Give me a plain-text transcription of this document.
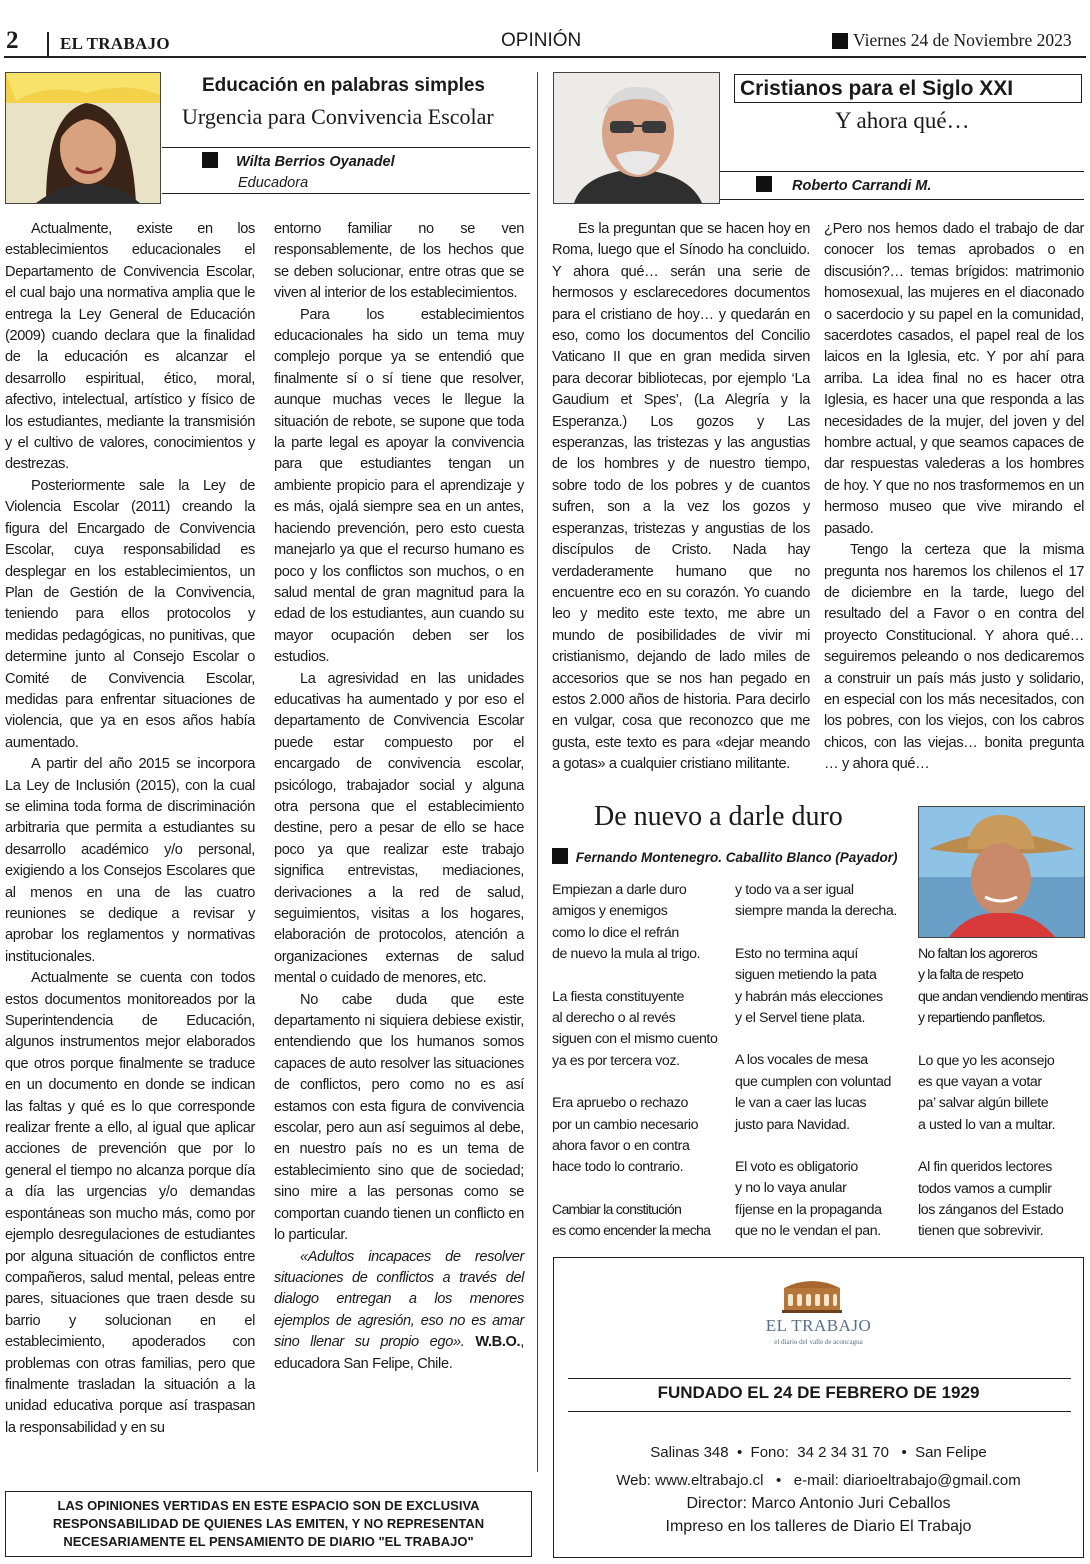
2 EL TRABAJO	OPINIÓN	Viernes 24 de Noviembre 2023
Educación en palabras simples
Urgencia para Convivencia Escolar
Wilta Berrios Oyanadel
Educadora

Actualmente, existe en los establecimientos educacionales el Departamento de Convivencia Escolar, el cual bajo una normativa amplia que le entrega la Ley General de Educación (2009) cuando declara que la finalidad de la educación es alcanzar el desarrollo espiritual, ético, moral, afectivo, intelectual, artístico y físico de los estudiantes, mediante la transmisión y el cultivo de valores, conocimientos y destrezas.

Posteriormente sale la Ley de Violencia Escolar (2011) creando la figura del Encargado de Convivencia Escolar, cuya responsabilidad es desplegar en los establecimientos, un Plan de Gestión de la Convivencia, teniendo para ellos protocolos y medidas pedagógicas, no punitivas, que determine junto al Consejo Escolar o Comité de Convivencia Escolar, medidas para enfrentar situaciones de violencia, que ya en esos años había aumentado.

A partir del año 2015 se incorpora La Ley de Inclusión (2015), con la cual se elimina toda forma de discriminación arbitraria que permita a estudiantes su desarrollo académico y/o personal, exigiendo a los Consejos Escolares que al menos en una de las cuatro reuniones se dedique a revisar y aprobar los reglamentos y normativas institucionales.

Actualmente se cuenta con todos estos documentos monitoreados por la Superintendencia de Educación, algunos instrumentos mejor elaborados que otros porque finalmente se traduce en un documento en donde se indican las faltas y qué es lo que corresponde realizar frente a ello, al igual que aplicar acciones de prevención que por lo general el tiempo no alcanza porque día a día las urgencias y/o demandas espontáneas son mucho más, como por ejemplo desregulaciones de estudiantes por alguna situación de conflictos entre compañeros, salud mental, peleas entre pares, situaciones que traen desde su barrio y solucionan en el establecimiento, apoderados con problemas con otras familias, pero que finalmente trasladan la situación a la unidad educativa porque así traspasan la responsabilidad y en su

entorno familiar no se ven responsablemente, de los hechos que se deben solucionar, entre otras que se viven al interior de los establecimientos.

Para los establecimientos educacionales ha sido un tema muy complejo porque ya se entendió que finalmente sí o sí tiene que resolver, aunque muchas veces le llegue la situación de rebote, se supone que toda la parte legal es apoyar la convivencia para que estudiantes tengan un ambiente propicio para el aprendizaje y es más, ojalá siempre sea en un antes, haciendo prevención, pero esto cuesta manejarlo ya que el recurso humano es poco y los conflictos son muchos, o en salud mental de gran magnitud para la edad de los estudiantes, aun cuando su mayor ocupación deben ser los estudios.

La agresividad en las unidades educativas ha aumentado y por eso el departamento de Convivencia Escolar puede estar compuesto por el encargado de convivencia escolar, psicólogo, trabajador social y alguna otra persona que el establecimiento destine, pero a pesar de ello se hace poco ya que realizar este trabajo significa entrevistas, mediaciones, derivaciones a la red de salud, seguimientos, visitas a los hogares, elaboración de protocolos, atención a organizaciones externas de salud mental o cuidado de menores, etc.

No cabe duda que este departamento ni siquiera debiese existir, entendiendo que los humanos somos capaces de auto resolver las situaciones de conflictos, pero como no es así estamos con esta figura de convivencia escolar, pero aun así seguimos al debe, en nuestro país no es un tema de establecimiento sino que de sociedad; sino mire a las personas como se comportan cuando tienen un conflicto en lo particular.

«Adultos incapaces de resolver situaciones de conflictos a través del dialogo entregan a los menores ejemplos de agresión, eso no es amar sino llenar su propio ego». W.B.O., educadora San Felipe, Chile.

LAS OPINIONES VERTIDAS EN ESTE ESPACIO SON DE EXCLUSIVA RESPONSABILIDAD DE QUIENES LAS EMITEN, Y NO REPRESENTAN NECESARIAMENTE EL PENSAMIENTO DE DIARIO "EL TRABAJO"
Cristianos para el Siglo XXI
Y ahora qué…
Roberto Carrandi M.

Es la preguntan que se hacen hoy en Roma, luego que el Sínodo ha concluido. Y ahora qué… serán una serie de hermosos y esclarecedores documentos para el cristiano de hoy… y quedarán en eso, como los documentos del Concilio Vaticano II que en gran medida sirven para decorar bibliotecas, por ejemplo ‘La Gaudium et Spes’, (La Alegría y la Esperanza.) Los gozos y Las esperanzas, las tristezas y las angustias de los hombres y de nuestro tiempo, sobre todo de los pobres y de cuantos sufren, son a la vez los gozos y esperanzas, tristezas y angustias de los discípulos de Cristo. Nada hay verdaderamente humano que no encuentre eco en su corazón. Yo cuando leo y medito este texto, me abre un mundo de posibilidades de vivir mi cristianismo, dejando de lado miles de accesorios que se nos han pegado en estos 2.000 años de historia. Para decirlo en vulgar, cosa que reconozco que me gusta, este texto es para «dejar meando a gotas» a cualquier cristiano militante.

¿Pero nos hemos dado el trabajo de dar conocer los temas aprobados o en discusión?… temas brígidos: matrimonio homosexual, las mujeres en el diaconado o sacerdocio y su papel en la comunidad, sacerdotes casados, el papel real de los laicos en la Iglesia, etc. Y por ahí para arriba. La idea final no es hacer otra Iglesia, es hacer una que responda a las necesidades de la mujer, del joven y del hombre actual, y que seamos capaces de dar respuestas valederas a los hombres de hoy. Y que no nos trasformemos en un hermoso museo que vive mirando el pasado.

Tengo la certeza que la misma pregunta nos haremos los chilenos el 17 de diciembre en la tarde, luego del resultado del a Favor o en contra del proyecto Constitucional. Y ahora qué… seguiremos peleando o nos dedicaremos a construir un país más justo y solidario, en especial con los más necesitados, con los pobres, con los viejos, con los cabros chicos, con las viejas… bonita pregunta … y ahora qué…

De nuevo a darle duro
Fernando Montenegro. Caballito Blanco (Payador)
Empiezan a darle duro
amigos y enemigos
como lo dice el refrán
de nuevo la mula al trigo.
La fiesta constituyente
al derecho o al revés
siguen con el mismo cuento
ya es por tercera voz.
Era apruebo o rechazo
por un cambio necesario
ahora favor o en contra
hace todo lo contrario.
Cambiar la constitución
es como encender la mecha
y todo va a ser igual
siempre manda la derecha.
Esto no termina aquí
siguen metiendo la pata
y habrán más elecciones
y el Servel tiene plata.
A los vocales de mesa
que cumplen con voluntad
le van a caer las lucas
justo para Navidad.
El voto es obligatorio
y no lo vaya anular
fíjense en la propaganda
que no le vendan el pan.
No faltan los agoreros
y la falta de respeto
que andan vendiendo mentiras
y repartiendo panfletos.
Lo que yo les aconsejo
es que vayan a votar
pa’ salvar algún billete
a usted lo van a multar.
Al fin queridos lectores
todos vamos a cumplir
los zánganos del Estado
tienen que sobrevivir.
EL TRABAJO
el diario del valle de aconcagua
FUNDADO EL 24 DE FEBRERO DE 1929
Salinas 348  •  Fono:  34 2 34 31 70   •  San Felipe
Web: www.eltrabajo.cl   •   e-mail: diarioeltrabajo@gmail.com
Director: Marco Antonio Juri Ceballos
Impreso en los talleres de Diario El Trabajo
